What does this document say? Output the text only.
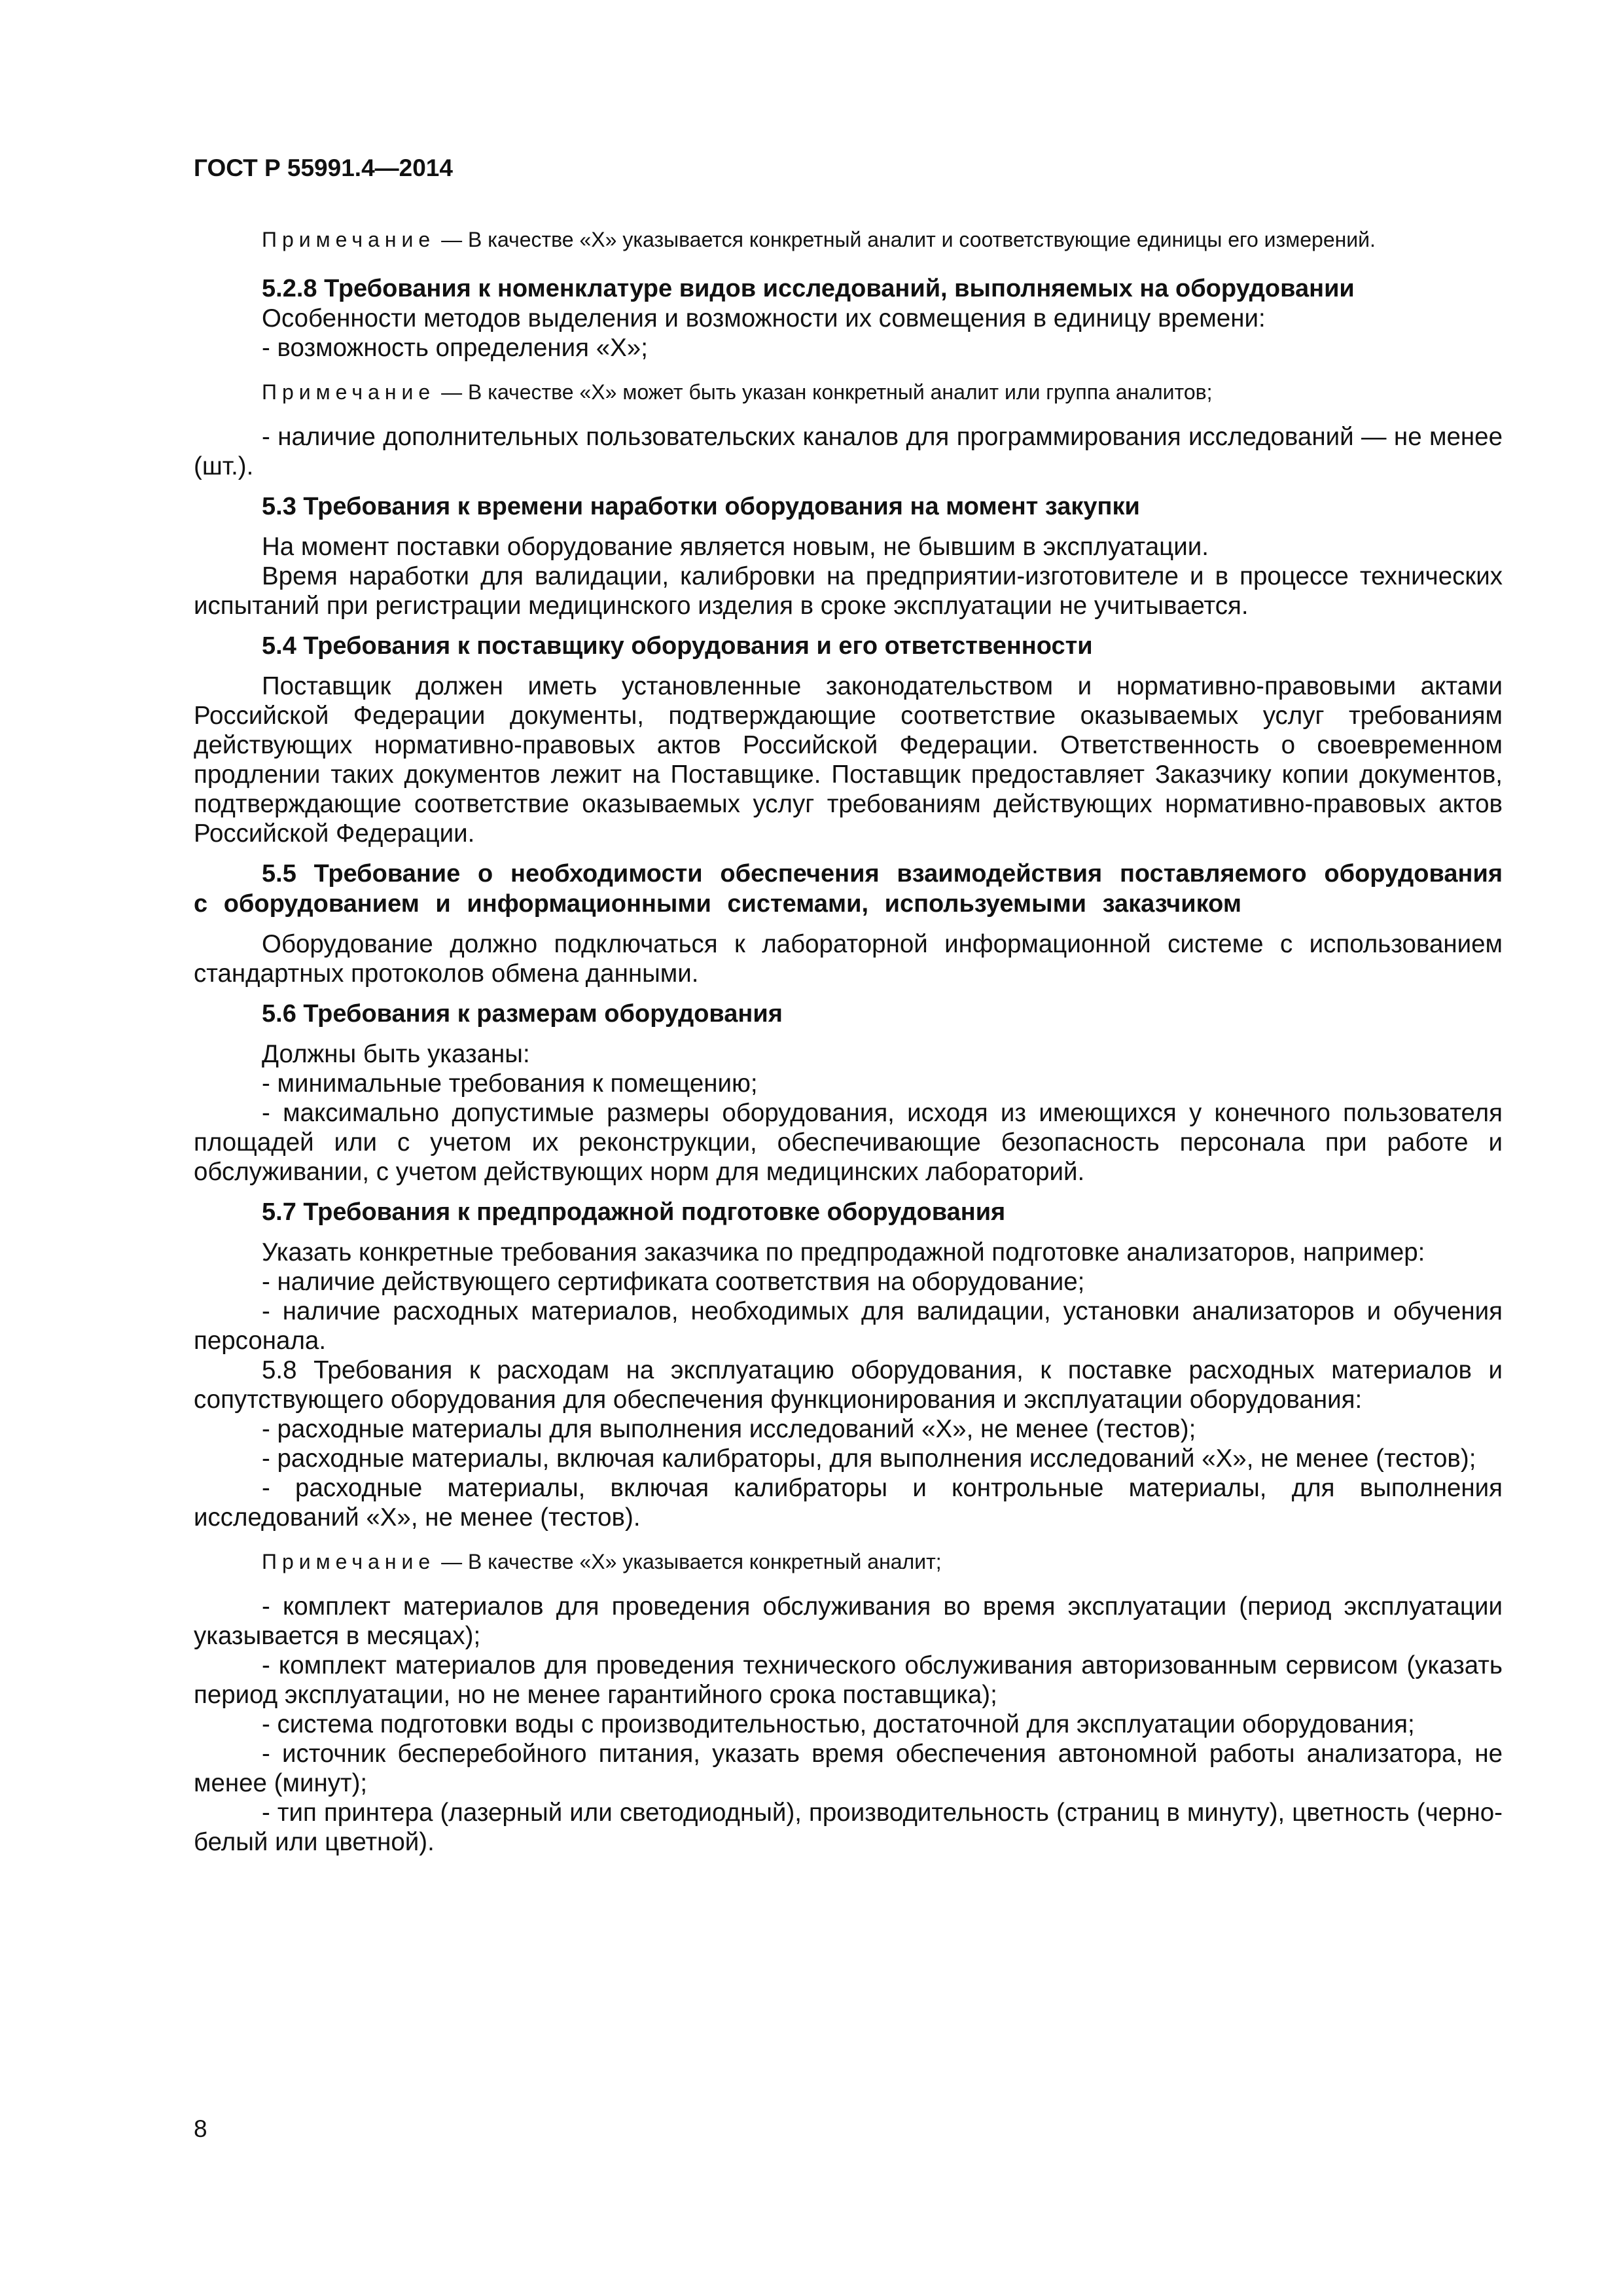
ГОСТ Р 55991.4—2014

Примечание — В качестве «Х» указывается конкретный аналит и соответствующие единицы его измерений.

5.2.8 Требования к номенклатуре видов исследований, выполняемых на оборудовании

Особенности методов выделения и возможности их совмещения в единицу времени:

- возможность определения «Х»;

Примечание — В качестве «Х» может быть указан конкретный аналит или группа аналитов;

- наличие дополнительных пользовательских каналов для программирования исследований — не менее (шт.).

5.3 Требования к времени наработки оборудования на момент закупки

На момент поставки оборудование является новым, не бывшим в эксплуатации.

Время наработки для валидации, калибровки на предприятии-изготовителе и в процессе технических испытаний при регистрации медицинского изделия в сроке эксплуатации не учитывается.

5.4 Требования к поставщику оборудования и его ответственности

Поставщик должен иметь установленные законодательством и нормативно-правовыми актами Российской Федерации документы, подтверждающие соответствие оказываемых услуг требованиям действующих нормативно-правовых актов Российской Федерации. Ответственность о своевременном продлении таких документов лежит на Поставщике. Поставщик предоставляет Заказчику копии документов, подтверждающие соответствие оказываемых услуг требованиям действующих нормативно-правовых актов Российской Федерации.

5.5 Требование о необходимости обеспечения взаимодействия поставляемого оборудования с оборудованием и информационными системами, используемыми заказчиком

Оборудование должно подключаться к лабораторной информационной системе с использованием стандартных протоколов обмена данными.

5.6 Требования к размерам оборудования

Должны быть указаны:

- минимальные требования к помещению;

- максимально допустимые размеры оборудования, исходя из имеющихся у конечного пользователя площадей или с учетом их реконструкции, обеспечивающие безопасность персонала при работе и обслуживании, с учетом действующих норм для медицинских лабораторий.

5.7 Требования к предпродажной подготовке оборудования

Указать конкретные требования заказчика по предпродажной подготовке анализаторов, например:

- наличие действующего сертификата соответствия на оборудование;

- наличие расходных материалов, необходимых для валидации, установки анализаторов и обучения персонала.

5.8 Требования к расходам на эксплуатацию оборудования, к поставке расходных материалов и сопутствующего оборудования для обеспечения функционирования и эксплуатации оборудования:

- расходные материалы для выполнения исследований «Х», не менее (тестов);

- расходные материалы, включая калибраторы, для выполнения исследований «Х», не менее (тестов);

- расходные материалы, включая калибраторы и контрольные материалы, для выполнения исследований «Х», не менее (тестов).

Примечание — В качестве «Х» указывается конкретный аналит;

- комплект материалов для проведения обслуживания во время эксплуатации (период эксплуатации указывается в месяцах);

- комплект материалов для проведения технического обслуживания авторизованным сервисом (указать период эксплуатации, но не менее гарантийного срока поставщика);

- система подготовки воды с производительностью, достаточной для эксплуатации оборудования;

- источник бесперебойного питания, указать время обеспечения автономной работы анализатора, не менее (минут);

- тип принтера (лазерный или светодиодный), производительность (страниц в минуту), цветность (черно-белый или цветной).

8
